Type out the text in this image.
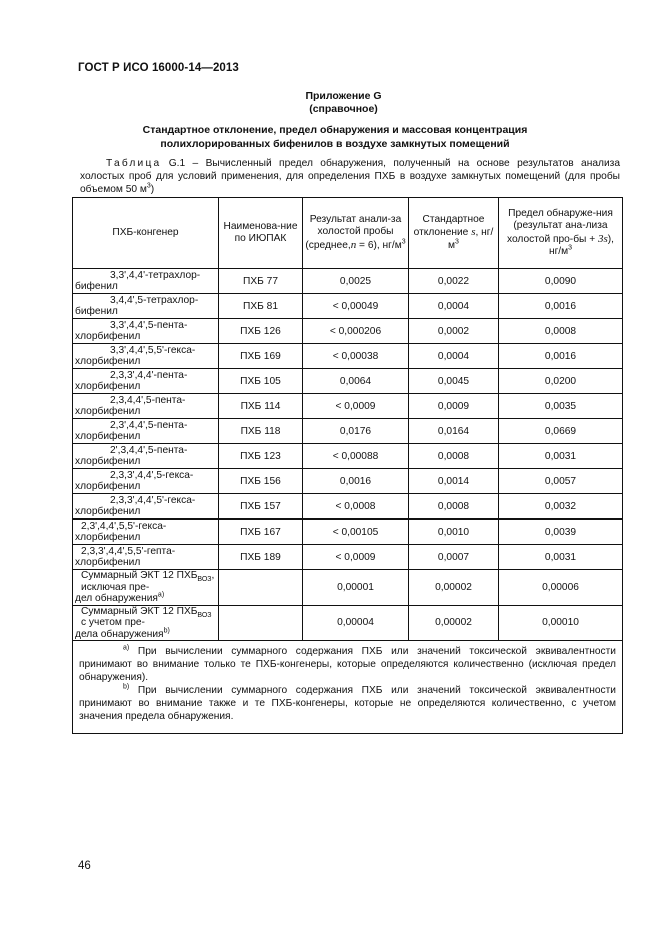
ГОСТ Р ИСО 16000-14—2013
Приложение G
(справочное)
Стандартное отклонение, предел обнаружения и массовая концентрация
полихлорированных бифенилов в воздухе замкнутых помещений
Таблица G.1 – Вычисленный предел обнаружения, полученный на основе результатов анализа холостых проб для условий применения, для определения ПХБ в воздухе замкнутых помещений (для пробы объемом 50 $м^3$)
ПХБ-конгенер	Наименова-ние по ИЮПАК	Результат анали-за холостой пробы (среднее,n = 6), $нг/м^3$	Стандартное отклонение s, $нг/м^3$	Предел обнаруже-ния (результат ана-лиза холостой про-бы + 3s), $нг/м^3$

3,3',4,4'-тетрахлор-
бифенил	ПХБ 77	0,0025	0,0022	0,0090

3,4,4',5-тетрахлор-
бифенил	ПХБ 81	< 0,00049	0,0004	0,0016

3,3',4,4',5-пента-
хлорбифенил	ПХБ 126	< 0,000206	0,0002	0,0008

3,3',4,4',5,5'-гекса-
хлорбифенил	ПХБ 169	< 0,00038	0,0004	0,0016

2,3,3',4,4'-пента-
хлорбифенил	ПХБ 105	0,0064	0,0045	0,0200

2,3,4,4',5-пента-
хлорбифенил	ПХБ 114	< 0,0009	0,0009	0,0035

2,3',4,4',5-пента-
хлорбифенил	ПХБ 118	0,0176	0,0164	0,0669

2',3,4,4',5-пента-
хлорбифенил	ПХБ 123	< 0,00088	0,0008	0,0031

2,3,3',4,4',5-гекса-
хлорбифенил	ПХБ 156	0,0016	0,0014	0,0057

2,3,3',4,4',5'-гекса-
хлорбифенил	ПХБ 157	< 0,0008	0,0008	0,0032

2,3',4,4',5,5'-гекса-
хлорбифенил	ПХБ 167	< 0,00105	0,0010	0,0039

2,3,3',4,4',5,5'-гепта-
хлорбифенил	ПХБ 189	< 0,0009	0,0007	0,0031

Суммарный ЭКТ 12 $ПХБ_{ВОЗ}$, исключая пре-
дел обнаружения$^{a)}$		0,00001	0,00002	0,00006

Суммарный ЭКТ 12 $ПХБ_{ВОЗ}$ с учетом пре-
дела обнаружения$^{b)}$		0,00004	0,00002	0,00010

$^{a)}$ При вычислении суммарного содержания ПХБ или значений токсической эквивалентности принимают во внимание только те ПХБ-конгенеры, которые определяются количественно (исключая предел обнаружения).

$^{b)}$ При вычислении суммарного содержания ПХБ или значений токсической эквивалентности принимают во внимание также и те ПХБ-конгенеры, которые не определяются количественно, с учетом значения предела обнаружения.				

46
